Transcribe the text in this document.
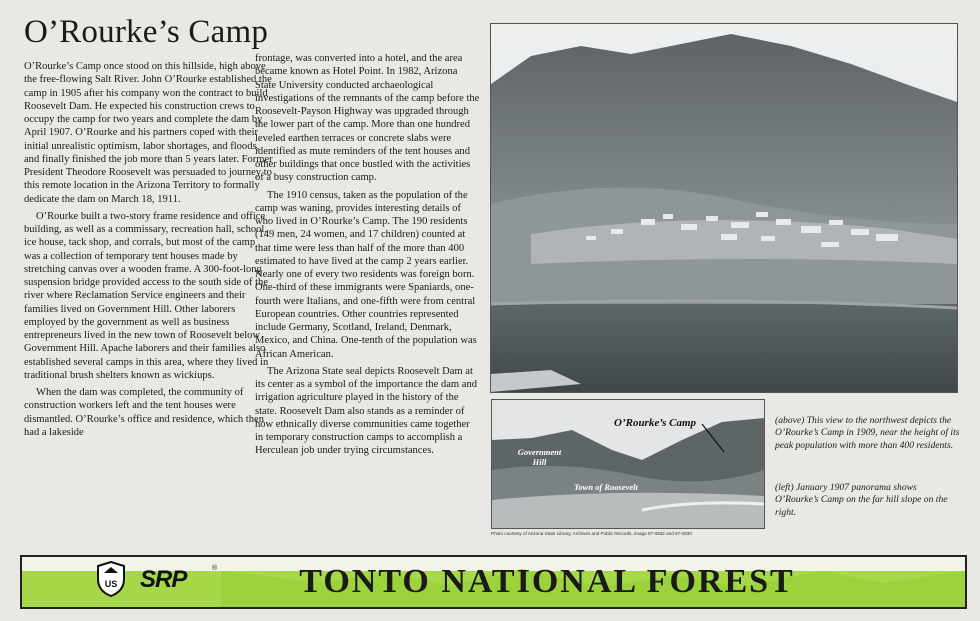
O’Rourke’s Camp

O’Rourke’s Camp once stood on this hillside, high above the free-flowing Salt River. John O’Rourke established the camp in 1905 after his company won the contract to build Roosevelt Dam. He expected his construction crews to occupy the camp for two years and complete the dam by April 1907. O’Rourke and his partners coped with their initial unrealistic optimism, labor shortages, and floods, and finally finished the job more than 5 years later. Former President Theodore Roosevelt was persuaded to journey to this remote location in the Arizona Territory to formally dedicate the dam on March 18, 1911.

O’Rourke built a two-story frame residence and office building, as well as a commissary, recreation hall, school, ice house, tack shop, and corrals, but most of the camp was a collection of temporary tent houses made by stretching canvas over a wooden frame. A 300-foot-long suspension bridge provided access to the south side of the river where Reclamation Service engineers and their families lived on Government Hill. Other laborers employed by the government as well as business entrepreneurs lived in the new town of Roosevelt below Government Hill. Apache laborers and their families also established several camps in this area, where they lived in traditional brush shelters known as wickiups.

When the dam was completed, the community of construction workers left and the tent houses were dismantled. O’Rourke’s office and residence, which then had a lakeside

frontage, was converted into a hotel, and the area became known as Hotel Point. In 1982, Arizona State University conducted archaeological investigations of the remnants of the camp before the Roosevelt-Payson Highway was upgraded through the lower part of the camp. More than one hundred leveled earthen terraces or concrete slabs were identified as mute reminders of the tent houses and other buildings that once bustled with the activities of a busy construction camp.

The 1910 census, taken as the population of the camp was waning, provides interesting details of who lived in O’Rourke’s Camp. The 190 residents (149 men, 24 women, and 17 children) counted at that time were less than half of the more than 400 estimated to have lived at the camp 2 years earlier. Nearly one of every two residents was foreign born. One-third of these immigrants were Spaniards, one-fourth were Italians, and one-fifth were from central European countries. Other countries represented include Germany, Scotland, Ireland, Denmark, Mexico, and China. One-tenth of the population was African American.

The Arizona State seal depicts Roosevelt Dam at its center as a symbol of the importance the dam and irrigation agriculture played in the history of the state. Roosevelt Dam also stands as a reminder of how ethnically diverse communities came together in temporary construction camps to accomplish a Herculean job under trying circumstances.

O’Rourke’s Camp
Government Hill
Town of Roosevelt
Photo courtesy of Arizona State Library, Archives and Public Records, Image 97-0932 and 97-0930
(above) This view to the northwest depicts the O’Rourke’s Camp in 1909, near the height of its peak population with more than 400 residents.
(left) January 1907 panorama shows O’Rourke’s Camp on the far hill slope on the right.
US SRP	®	TONTO NATIONAL FOREST
